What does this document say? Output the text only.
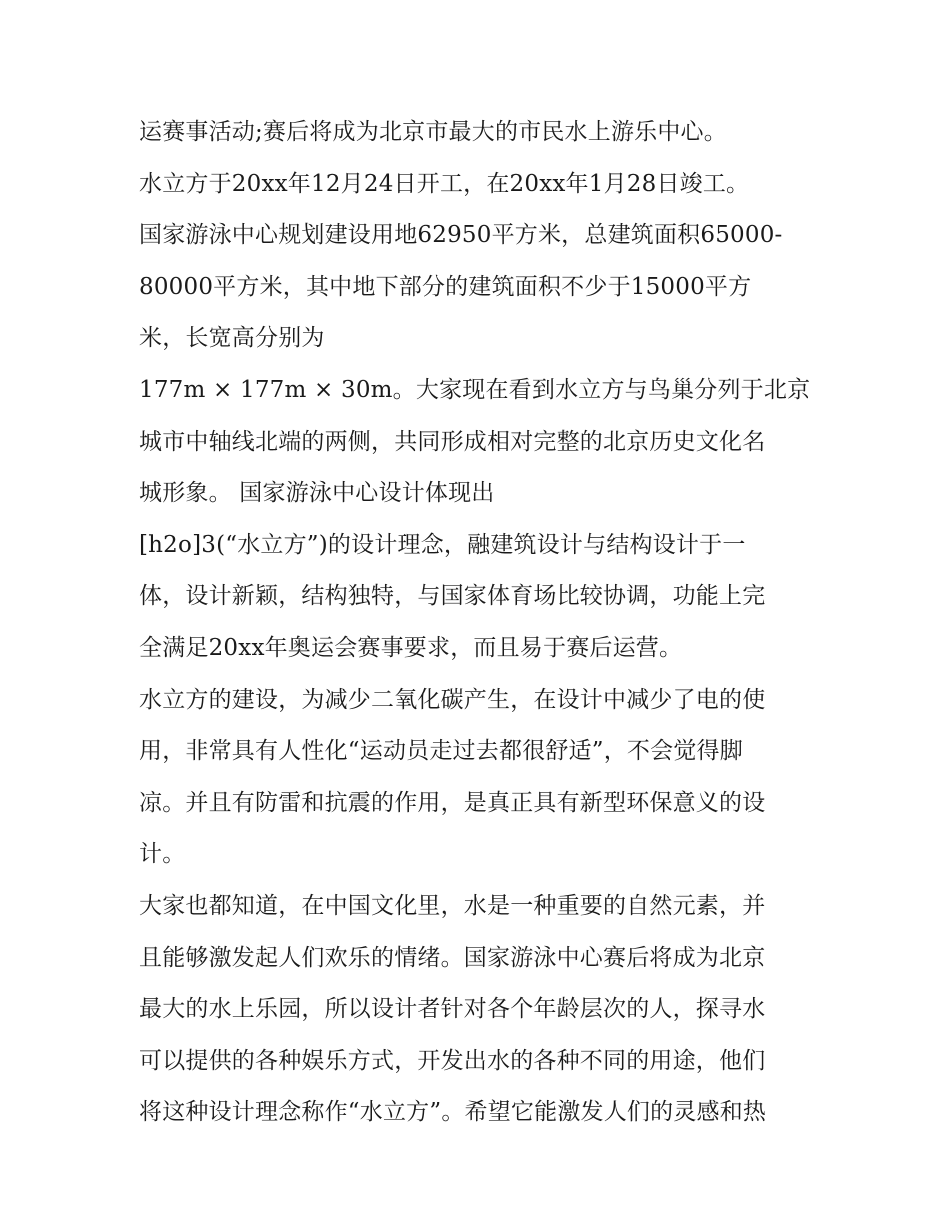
运赛事活动;赛后将成为北京市最大的市民水上游乐中心。
水立方于20xx年12月24日开工，在20xx年1月28日竣工。
国家游泳中心规划建设用地62950平方米，总建筑面积65000-
80000平方米，其中地下部分的建筑面积不少于15000平方
米，长宽高分别为
177m × 177m × 30m。大家现在看到水立方与鸟巢分列于北京
城市中轴线北端的两侧，共同形成相对完整的北京历史文化名
城形象。 国家游泳中心设计体现出
[h2o]3(“水立方”)的设计理念，融建筑设计与结构设计于一
体，设计新颖，结构独特，与国家体育场比较协调，功能上完
全满足20xx年奥运会赛事要求，而且易于赛后运营。
水立方的建设，为减少二氧化碳产生，在设计中减少了电的使
用，非常具有人性化“运动员走过去都很舒适”，不会觉得脚
凉。并且有防雷和抗震的作用，是真正具有新型环保意义的设
计。
大家也都知道，在中国文化里，水是一种重要的自然元素，并
且能够激发起人们欢乐的情绪。国家游泳中心赛后将成为北京
最大的水上乐园，所以设计者针对各个年龄层次的人，探寻水
可以提供的各种娱乐方式，开发出水的各种不同的用途，他们
将这种设计理念称作“水立方”。希望它能激发人们的灵感和热
